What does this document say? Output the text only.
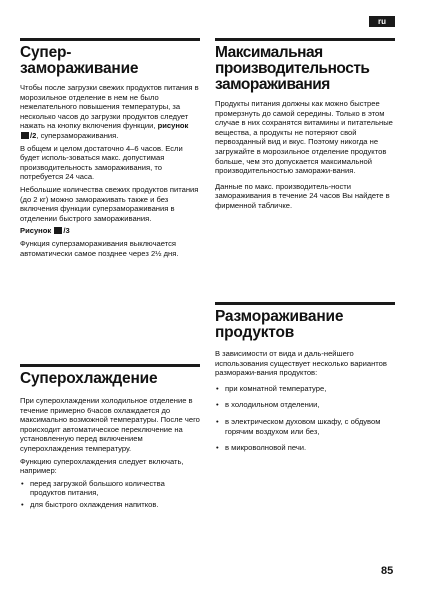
ru
Супер-
замораживание

Чтобы после загрузки свежих продуктов питания в морозильное отделение в нем не было нежелательного повышения температуры, за несколько часов до загрузки продуктов следует нажать на кнопку включения функции, рисунок /2, суперзамораживания.

В общем и целом достаточно 4–6 часов. Если будет исполь-зоваться макс. допустимая производительность замораживания, то потребуется 24 часа.

Небольшие количества свежих продуктов питания (до 2 кг) можно замораживать также и без включения функции суперзамораживания в отделении быстрого замораживания.

Рисунок /3

Функция суперзамораживания выключается автоматически самое позднее через 2½ дня.

Суперохлаждение

При суперохлаждении холодильное отделение в течение примерно 6часов охлаждается до максимально возможной температуры. После чего происходит автоматическое переключение на установленную перед включением суперохлаждения температуру.

Функцию суперохлаждения следует включать, например:

• перед загрузкой большого количества продуктов питания,
• для быстрого охлаждения напитков.
Максимальная
производительность
замораживания

Продукты питания должны как можно быстрее промерзнуть до самой середины. Только в этом случае в них сохранятся витамины и питательные вещества, а продукты не потеряют свой первозданный вид и вкус. Поэтому никогда не загружайте в морозильное отделение продуктов больше, чем это допускается максимальной производительностью заморажи-вания.

Данные по макс. производитель-ности замораживания в течение 24 часов Вы найдете в фирменной табличке.

Размораживание
продуктов

В зависимости от вида и даль-нейшего использования существует несколько вариантов разморажи-вания продуктов:

• при комнатной температуре,
• в холодильном отделении,
• в электрическом духовом шкафу, с обдувом горячим воздухом или без,
• в микроволновой печи.
85
